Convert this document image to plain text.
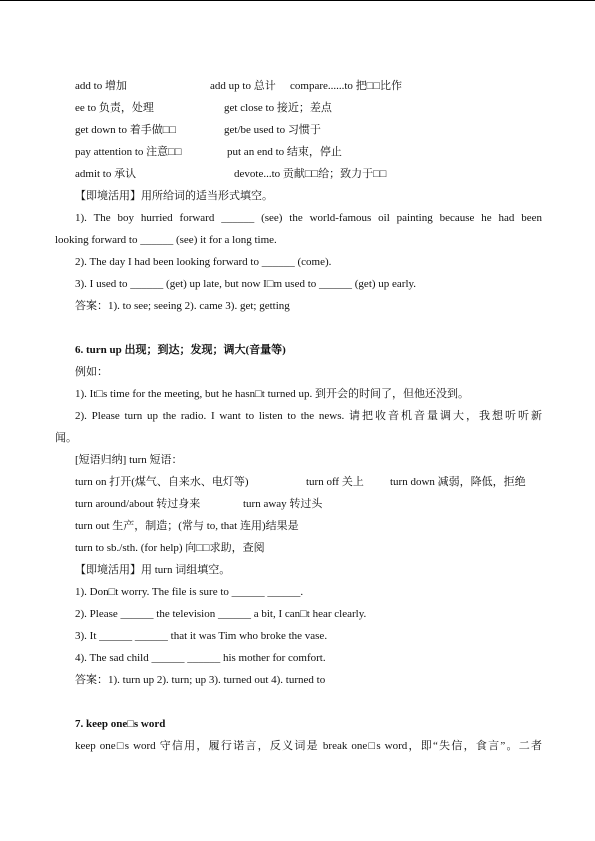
add to 增加	add up to 总计 compare......to 把□□比作
ee to 负责，处理	get close to 接近；差点
get down to 着手做□□	get/be used to 习惯于
pay attention to 注意□□	put an end to 结束，停止
admit to 承认	devote...to 贡献□□给；致力于□□
【即境活用】用所给词的适当形式填空。
1). The boy hurried forward ______ (see) the world-famous oil painting because he had been
looking forward to ______ (see) it for a long time.
2). The day I had been looking forward to ______ (come).
3). I used to ______ (get) up late, but now I□m used to ______ (get) up early.
答案：1). to see; seeing 2). came 3). get; getting
6. turn up 出现；到达；发现；调大(音量等)
例如：
1). It□s time for the meeting, but he hasn□t turned up. 到开会的时间了，但他还没到。
2). Please turn up the radio. I want to listen to the news. 请把收音机音量调大，我想听听新
闻。
[短语归纳] turn 短语：
turn on 打开(煤气、自来水、电灯等)	turn off 关上 turn down 减弱，降低，拒绝
turn around/about 转过身来	turn away 转过头
turn out 生产，制造；(常与 to, that 连用)结果是
turn to sb./sth. (for help) 向□□求助，查阅
【即境活用】用 turn 词组填空。
1). Don□t worry. The file is sure to ______ ______.
2). Please ______ the television ______ a bit, I can□t hear clearly.
3). It ______ ______ that it was Tim who broke the vase.
4). The sad child ______ ______ his mother for comfort.
答案：1). turn up 2). turn; up 3). turned out 4). turned to
7. keep one□s word
keep one□s word 守信用，履行诺言，反义词是 break one□s word，即“失信，食言”。二者
